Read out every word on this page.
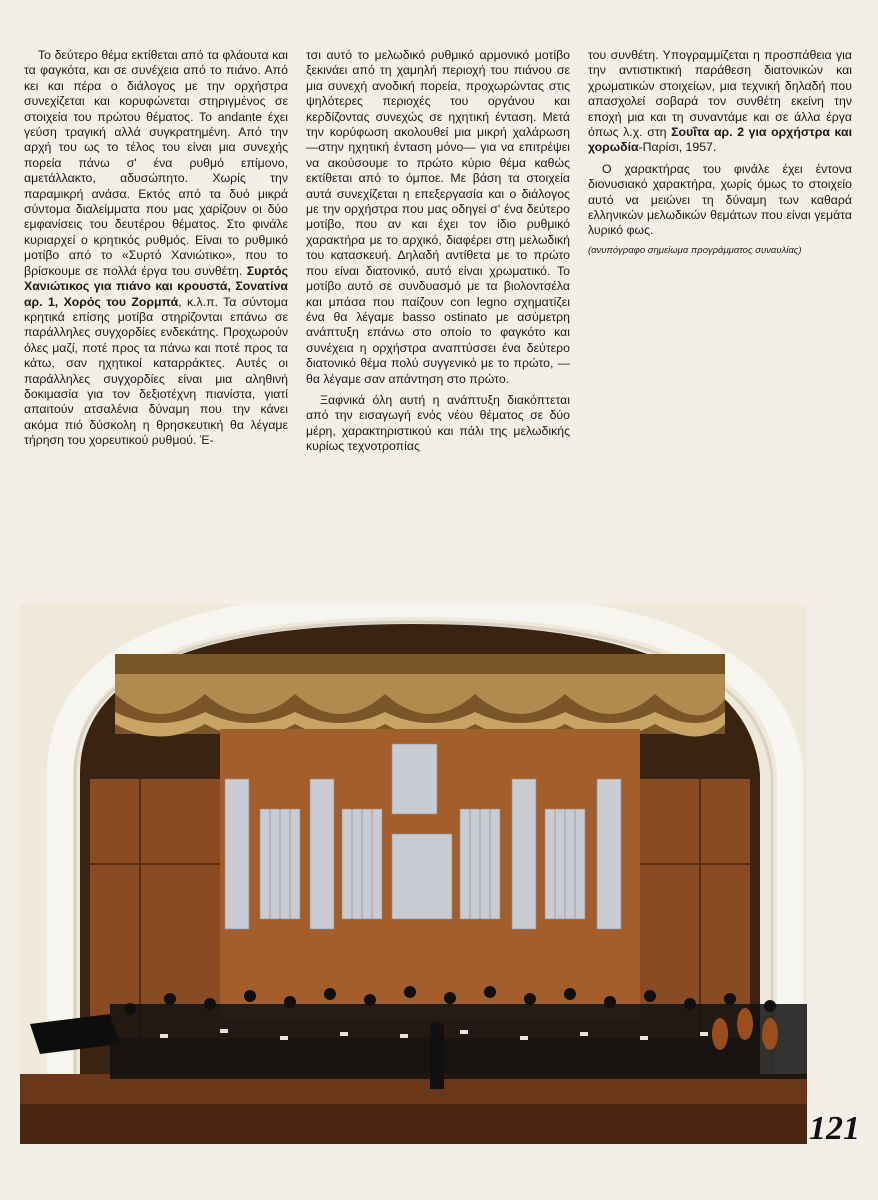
Το δεύτερο θέμα εκτίθεται από τα φλάουτα και τα φαγκότα, και σε συνέχεια από το πιάνο. Από κει και πέρα ο διάλογος με την ορχήστρα συνεχίζεται και κορυφώνεται στηριγμένος σε στοιχεία του πρώτου θέματος. Το andante έχει γεύση τραγική αλλά συγκρατημένη. Από την αρχή του ως το τέλος του είναι μια συνεχής πορεία πάνω σ' ένα ρυθμό επίμονο, αμετάλλακτο, αδυσώπητο. Χωρίς την παραμικρή ανάσα. Εκτός από τα δυό μικρά σύντομα διαλείμματα που μας χαρίζουν οι δύο εμφανίσεις του δευτέρου θέματος. Στο φινάλε κυριαρχεί ο κρητικός ρυθμός. Είναι το ρυθμικό μοτίβο από το «Συρτό Χανιώτικο», που το βρίσκουμε σε πολλά έργα του συνθέτη. Συρτός Χανιώτικος για πιάνο και κρουστά, Σονατίνα αρ. 1, Χορός του Ζορμπά, κ.λ.π. Τα σύντομα κρητικά επίσης μοτίβα στηρίζονται επάνω σε παράλληλες συγχορδίες ενδεκάτης. Προχωρούν όλες μαζί, ποτέ προς τα πάνω και ποτέ προς τα κάτω, σαν ηχητικοί καταρράκτες. Αυτές οι παράλληλες συγχορδίες είναι μια αληθινή δοκιμασία για τον δεξιοτέχνη πιανίστα, γιατί απαιτούν ατσαλένια δύναμη που την κάνει ακόμα πιό δύσκολη η θρησκευτική θα λέγαμε τήρηση του χορευτικού ρυθμού. Έ-

τσι αυτό το μελωδικό ρυθμικό αρμονικό μοτίβο ξεκινάει από τη χαμηλή περιοχή του πιάνου σε μια συνεχή ανοδική πορεία, προχωρώντας στις ψηλότερες περιοχές του οργάνου και κερδίζοντας συνεχώς σε ηχητική ένταση. Μετά την κορύφωση ακολουθεί μια μικρή χαλάρωση —στην ηχητική ένταση μόνο— για να επιτρέψει να ακούσουμε το πρώτο κύριο θέμα καθώς εκτίθεται από το όμποε. Με βάση τα στοιχεία αυτά συνεχίζεται η επεξεργασία και ο διάλογος με την ορχήστρα που μας οδηγεί σ' ένα δεύτερο μοτίβο, που αν και έχει τον ίδιο ρυθμικό χαρακτήρα με το αρχικό, διαφέρει στη μελωδική του κατασκευή. Δηλαδή αντίθετα με το πρώτο που είναι διατονικό, αυτό είναι χρωματικό. Το μοτίβο αυτό σε συνδυασμό με τα βιολοντσέλα και μπάσα που παίζουν con legno σχηματίζει ένα θα λέγαμε basso ostinato με ασύμετρη ανάπτυξη επάνω στο οποίο το φαγκότο και συνέχεια η ορχήστρα αναπτύσσει ένα δεύτερο διατονικό θέμα πολύ συγγενικό με το πρώτο, —θα λέγαμε σαν απάντηση στο πρώτο.

Ξαφνικά όλη αυτή η ανάπτυξη διακόπτεται από την εισαγωγή ενός νέου θέματος σε δύο μέρη, χαρακτηριστικού και πάλι της μελωδικής κυρίως τεχνοτροπίας

του συνθέτη. Υπογραμμίζεται η προσπάθεια για την αντιστικτική παράθεση διατονικών και χρωματικών στοιχείων, μια τεχνική δηλαδή που απασχολεί σοβαρά τον συνθέτη εκείνη την εποχή μια και τη συναντάμε και σε άλλα έργα όπως λ.χ. στη Σουΐτα αρ. 2 για ορχήστρα και χορωδία-Παρίσι, 1957.

Ο χαρακτήρας του φινάλε έχει έντονα διονυσιακό χαρακτήρα, χωρίς όμως το στοιχείο αυτό να μειώνει τη δύναμη των καθαρά ελληνικών μελωδικών θεμάτων που είναι γεμάτα λυρικό φως.

(ανυπόγραφο σημείωμα προγράμματος συναυλίας)

121
